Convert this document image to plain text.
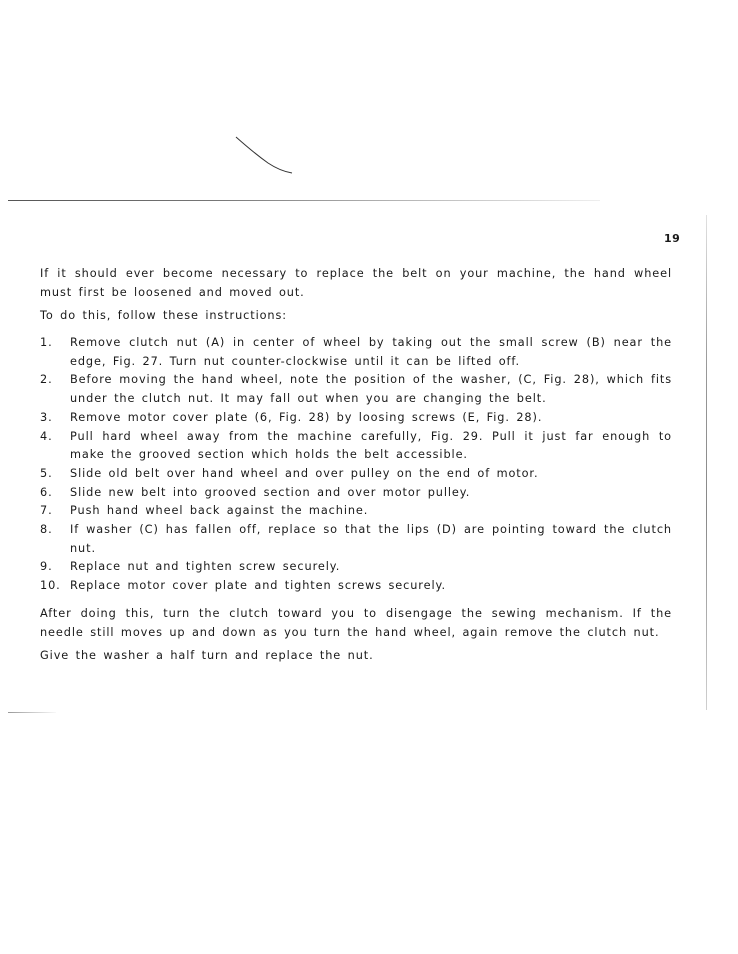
19

If it should ever become necessary to replace the belt on your machine, the hand wheel must first be loosened and moved out.

To do this, follow these instructions:

1.	Remove clutch nut (A) in center of wheel by taking out the small screw (B) near the edge, Fig. 27. Turn nut counter-clockwise until it can be lifted off.
2.	Before moving the hand wheel, note the position of the washer, (C, Fig. 28), which fits under the clutch nut. It may fall out when you are changing the belt.
3.	Remove motor cover plate (6, Fig. 28) by loosing screws (E, Fig. 28).
4.	Pull hard wheel away from the machine carefully, Fig. 29. Pull it just far enough to make the grooved section which holds the belt accessible.
5.	Slide old belt over hand wheel and over pulley on the end of motor.
6.	Slide new belt into grooved section and over motor pulley.
7.	Push hand wheel back against the machine.
8.	If washer (C) has fallen off, replace so that the lips (D) are pointing toward the clutch nut.
9.	Replace nut and tighten screw securely.
10. Replace motor cover plate and tighten screws securely.

After doing this, turn the clutch toward you to disengage the sewing mechanism. If the needle still moves up and down as you turn the hand wheel, again remove the clutch nut.

Give the washer a half turn and replace the nut.
